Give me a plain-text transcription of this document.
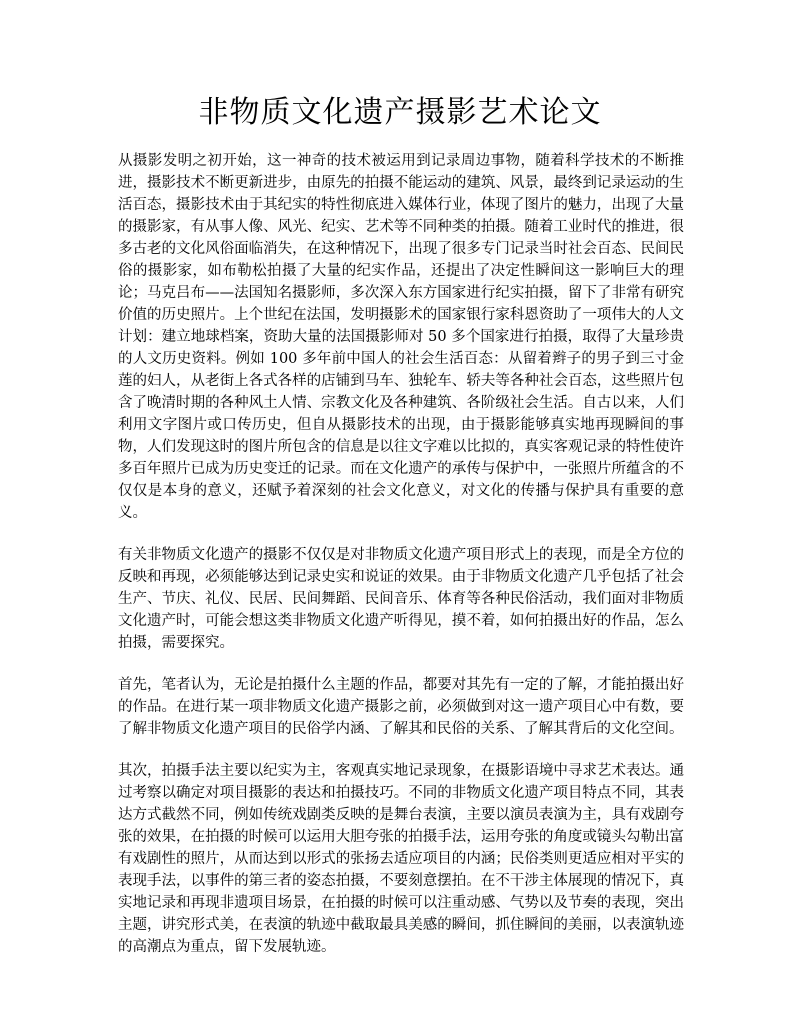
非物质文化遗产摄影艺术论文

从摄影发明之初开始，这一神奇的技术被运用到记录周边事物，随着科学技术的不断推进，摄影技术不断更新进步，由原先的拍摄不能运动的建筑、风景，最终到记录运动的生活百态，摄影技术由于其纪实的特性彻底进入媒体行业，体现了图片的魅力，出现了大量的摄影家，有从事人像、风光、纪实、艺术等不同种类的拍摄。随着工业时代的推进，很多古老的文化风俗面临消失，在这种情况下，出现了很多专门记录当时社会百态、民间民俗的摄影家，如布勒松拍摄了大量的纪实作品，还提出了决定性瞬间这一影响巨大的理论；马克吕布——法国知名摄影师，多次深入东方国家进行纪实拍摄，留下了非常有研究价值的历史照片。上个世纪在法国，发明摄影术的国家银行家科恩资助了一项伟大的人文计划：建立地球档案，资助大量的法国摄影师对 50 多个国家进行拍摄，取得了大量珍贵的人文历史资料。例如 100 多年前中国人的社会生活百态：从留着辫子的男子到三寸金莲的妇人，从老街上各式各样的店铺到马车、独轮车、轿夫等各种社会百态，这些照片包含了晚清时期的各种风土人情、宗教文化及各种建筑、各阶级社会生活。自古以来，人们利用文字图片或口传历史，但自从摄影技术的出现，由于摄影能够真实地再现瞬间的事物，人们发现这时的图片所包含的信息是以往文字难以比拟的，真实客观记录的特性使许多百年照片已成为历史变迁的记录。而在文化遗产的承传与保护中，一张照片所蕴含的不仅仅是本身的意义，还赋予着深刻的社会文化意义，对文化的传播与保护具有重要的意义。

有关非物质文化遗产的摄影不仅仅是对非物质文化遗产项目形式上的表现，而是全方位的反映和再现，必须能够达到记录史实和说证的效果。由于非物质文化遗产几乎包括了社会生产、节庆、礼仪、民居、民间舞蹈、民间音乐、体育等各种民俗活动，我们面对非物质文化遗产时，可能会想这类非物质文化遗产听得见，摸不着，如何拍摄出好的作品，怎么拍摄，需要探究。

首先，笔者认为，无论是拍摄什么主题的作品，都要对其先有一定的了解，才能拍摄出好的作品。在进行某一项非物质文化遗产摄影之前，必须做到对这一遗产项目心中有数，要了解非物质文化遗产项目的民俗学内涵、了解其和民俗的关系、了解其背后的文化空间。

其次，拍摄手法主要以纪实为主，客观真实地记录现象，在摄影语境中寻求艺术表达。通过考察以确定对项目摄影的表达和拍摄技巧。不同的非物质文化遗产项目特点不同，其表达方式截然不同，例如传统戏剧类反映的是舞台表演，主要以演员表演为主，具有戏剧夸张的效果，在拍摄的时候可以运用大胆夸张的拍摄手法，运用夸张的角度或镜头勾勒出富有戏剧性的照片，从而达到以形式的张扬去适应项目的内涵；民俗类则更适应相对平实的表现手法，以事件的第三者的姿态拍摄，不要刻意摆拍。在不干涉主体展现的情况下，真实地记录和再现非遗项目场景，在拍摄的时候可以注重动感、气势以及节奏的表现，突出主题，讲究形式美，在表演的轨迹中截取最具美感的瞬间，抓住瞬间的美丽，以表演轨迹的高潮点为重点，留下发展轨迹。
